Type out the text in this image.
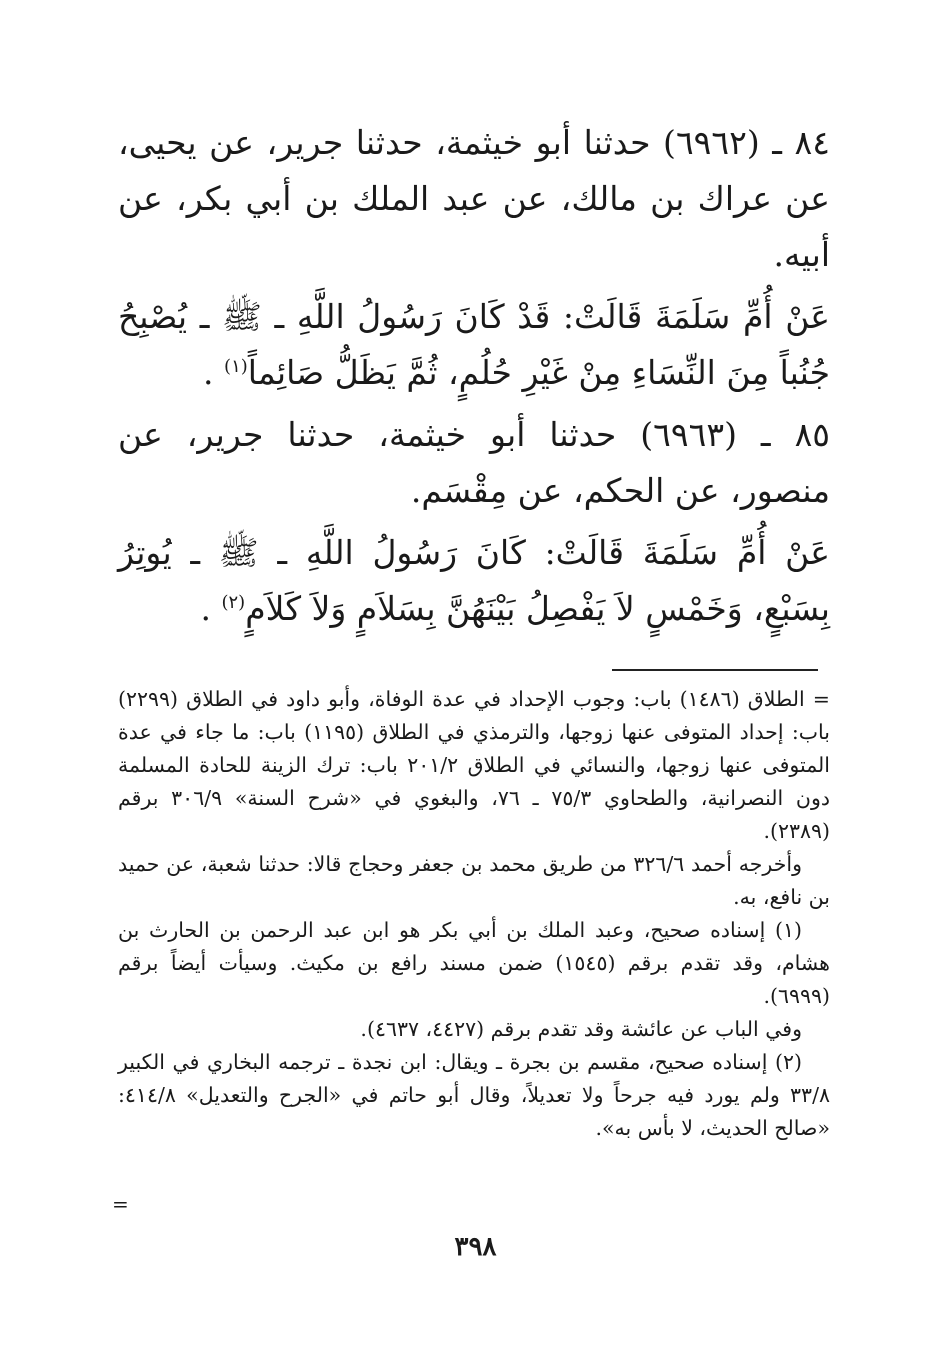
٨٤ ـ (٦٩٦٢) حدثنا أبو خيثمة، حدثنا جرير، عن يحيى، عن عراك بن مالك، عن عبد الملك بن أبي بكر، عن أبيه.

عَنْ أُمِّ سَلَمَةَ قَالَتْ: قَدْ كَانَ رَسُولُ اللَّهِ ـ ﷺ ـ يُصْبِحُ جُنُباً مِنَ النِّسَاءِ مِنْ غَيْرِ حُلُمٍ، ثُمَّ يَظَلُّ صَائِماً$^{(١)}$ .

٨٥ ـ (٦٩٦٣) حدثنا أبو خيثمة، حدثنا جرير، عن منصور، عن الحكم، عن مِقْسَم.

عَنْ أُمِّ سَلَمَةَ قَالَتْ: كَانَ رَسُولُ اللَّهِ ـ ﷺ ـ يُوتِرُ بِسَبْعٍ، وَخَمْسٍ لاَ يَفْصِلُ بَيْنَهُنَّ بِسَلاَمٍ وَلاَ كَلاَمٍ$^{(٢)}$ .

= الطلاق (١٤٨٦) باب: وجوب الإحداد في عدة الوفاة، وأبو داود في الطلاق (٢٢٩٩) باب: إحداد المتوفى عنها زوجها، والترمذي في الطلاق (١١٩٥) باب: ما جاء في عدة المتوفى عنها زوجها، والنسائي في الطلاق ٢٠١/٢ باب: ترك الزينة للحادة المسلمة دون النصرانية، والطحاوي ٧٥/٣ ـ ٧٦، والبغوي في «شرح السنة» ٣٠٦/٩ برقم (٢٣٨٩).

وأخرجه أحمد ٣٢٦/٦ من طريق محمد بن جعفر وحجاج قالا: حدثنا شعبة، عن حميد بن نافع، به.

(١) إسناده صحيح، وعبد الملك بن أبي بكر هو ابن عبد الرحمن بن الحارث بن هشام، وقد تقدم برقم (١٥٤٥) ضمن مسند رافع بن مكيث. وسيأت أيضاً برقم (٦٩٩٩).

وفي الباب عن عائشة وقد تقدم برقم (٤٤٢٧، ٤٦٣٧).

(٢) إسناده صحيح، مقسم بن بجرة ـ ويقال: ابن نجدة ـ ترجمه البخاري في الكبير ٣٣/٨ ولم يورد فيه جرحاً ولا تعديلاً، وقال أبو حاتم في «الجرح والتعديل» ٤١٤/٨: «صالح الحديث، لا بأس به».

=
٣٩٨
